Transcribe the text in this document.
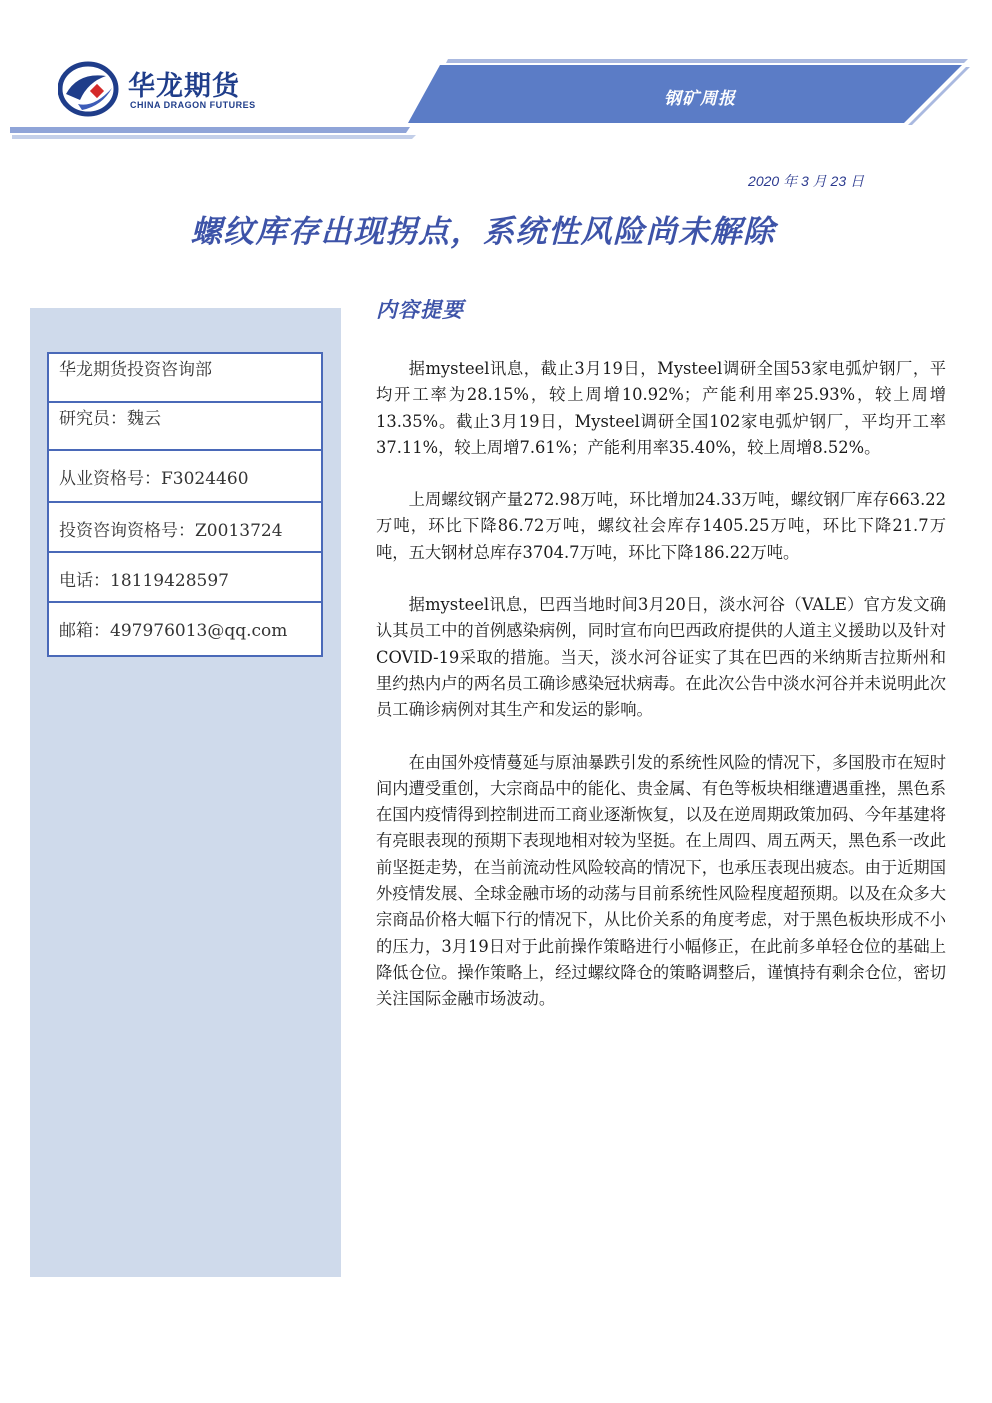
华龙期货
CHINA DRAGON FUTURES	钢矿周报
2020 年 3 月 23 日
螺纹库存出现拐点，系统性风险尚未解除
华龙期货投资咨询部
研究员：魏云
从业资格号：F3024460
投资咨询资格号：Z0013724
电话：18119428597
邮箱：497976013@qq.com
内容提要

据mysteel讯息，截止3月19日，Mysteel调研全国53家电弧炉钢厂，平均开工率为28.15%，较上周增10.92%；产能利用率25.93%，较上周增13.35%。截止3月19日，Mysteel调研全国102家电弧炉钢厂，平均开工率37.11%，较上周增7.61%；产能利用率35.40%，较上周增8.52%。

上周螺纹钢产量272.98万吨，环比增加24.33万吨，螺纹钢厂库存663.22万吨，环比下降86.72万吨，螺纹社会库存1405.25万吨，环比下降21.7万吨，五大钢材总库存3704.7万吨，环比下降186.22万吨。

据mysteel讯息，巴西当地时间3月20日，淡水河谷（VALE）官方发文确认其员工中的首例感染病例，同时宣布向巴西政府提供的人道主义援助以及针对COVID-19采取的措施。当天，淡水河谷证实了其在巴西的米纳斯吉拉斯州和里约热内卢的两名员工确诊感染冠状病毒。在此次公告中淡水河谷并未说明此次员工确诊病例对其生产和发运的影响。

在由国外疫情蔓延与原油暴跌引发的系统性风险的情况下，多国股市在短时间内遭受重创，大宗商品中的能化、贵金属、有色等板块相继遭遇重挫，黑色系在国内疫情得到控制进而工商业逐渐恢复，以及在逆周期政策加码、今年基建将有亮眼表现的预期下表现地相对较为坚挺。在上周四、周五两天，黑色系一改此前坚挺走势，在当前流动性风险较高的情况下，也承压表现出疲态。由于近期国外疫情发展、全球金融市场的动荡与目前系统性风险程度超预期。以及在众多大宗商品价格大幅下行的情况下，从比价关系的角度考虑，对于黑色板块形成不小的压力，3月19日对于此前操作策略进行小幅修正，在此前多单轻仓位的基础上降低仓位。操作策略上，经过螺纹降仓的策略调整后，谨慎持有剩余仓位，密切关注国际金融市场波动。
